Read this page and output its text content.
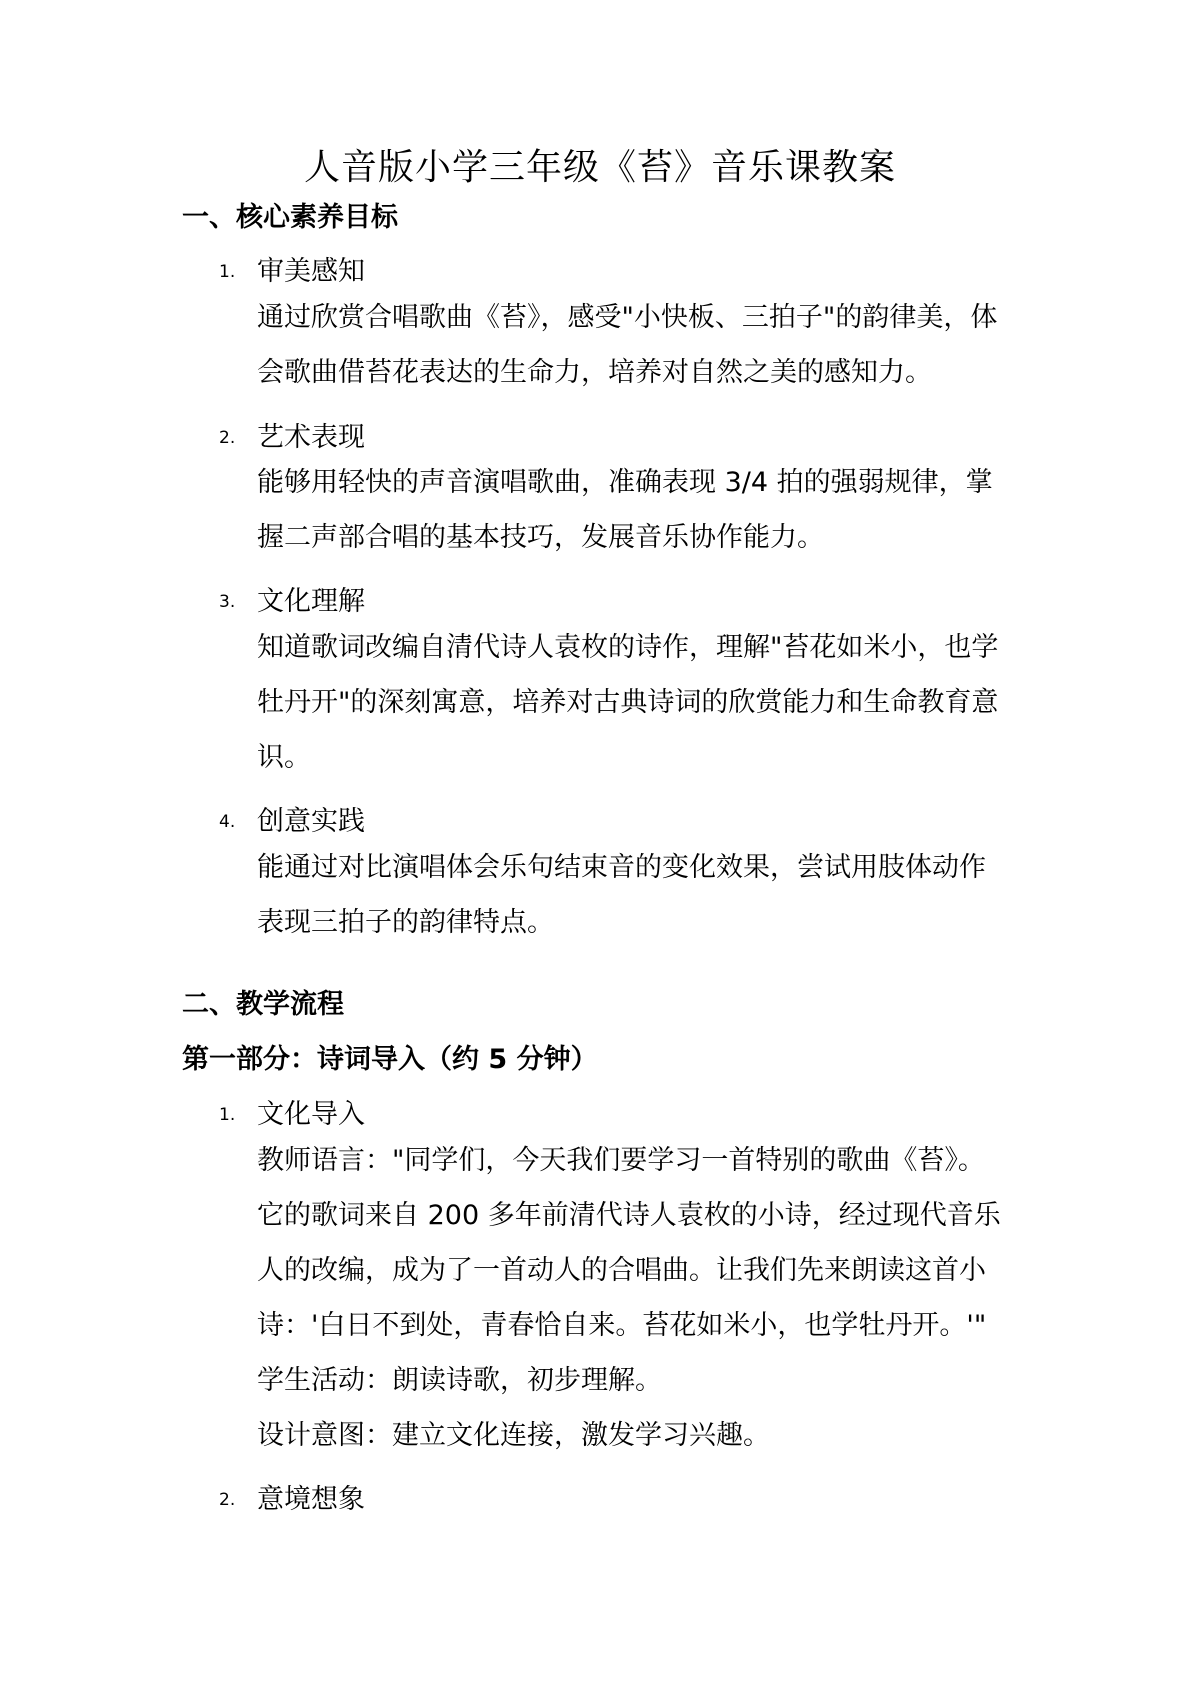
人音版小学三年级《苔》音乐课教案
一、核心素养目标
1. 审美感知
通过欣赏合唱歌曲《苔》，感受"小快板、三拍子"的韵律美，体
会歌曲借苔花表达的生命力，培养对自然之美的感知力。
2. 艺术表现
能够用轻快的声音演唱歌曲，准确表现 3/4 拍的强弱规律，掌
握二声部合唱的基本技巧，发展音乐协作能力。
3. 文化理解
知道歌词改编自清代诗人袁枚的诗作，理解"苔花如米小，也学
牡丹开"的深刻寓意，培养对古典诗词的欣赏能力和生命教育意
识。
4. 创意实践
能通过对比演唱体会乐句结束音的变化效果，尝试用肢体动作
表现三拍子的韵律特点。
二、教学流程
第一部分：诗词导入（约 5 分钟）
1. 文化导入
教师语言："同学们，今天我们要学习一首特别的歌曲《苔》。
它的歌词来自 200 多年前清代诗人袁枚的小诗，经过现代音乐
人的改编，成为了一首动人的合唱曲。让我们先来朗读这首小
诗：'白日不到处，青春恰自来。苔花如米小，也学牡丹开。'"
学生活动：朗读诗歌，初步理解。
设计意图：建立文化连接，激发学习兴趣。
2. 意境想象
